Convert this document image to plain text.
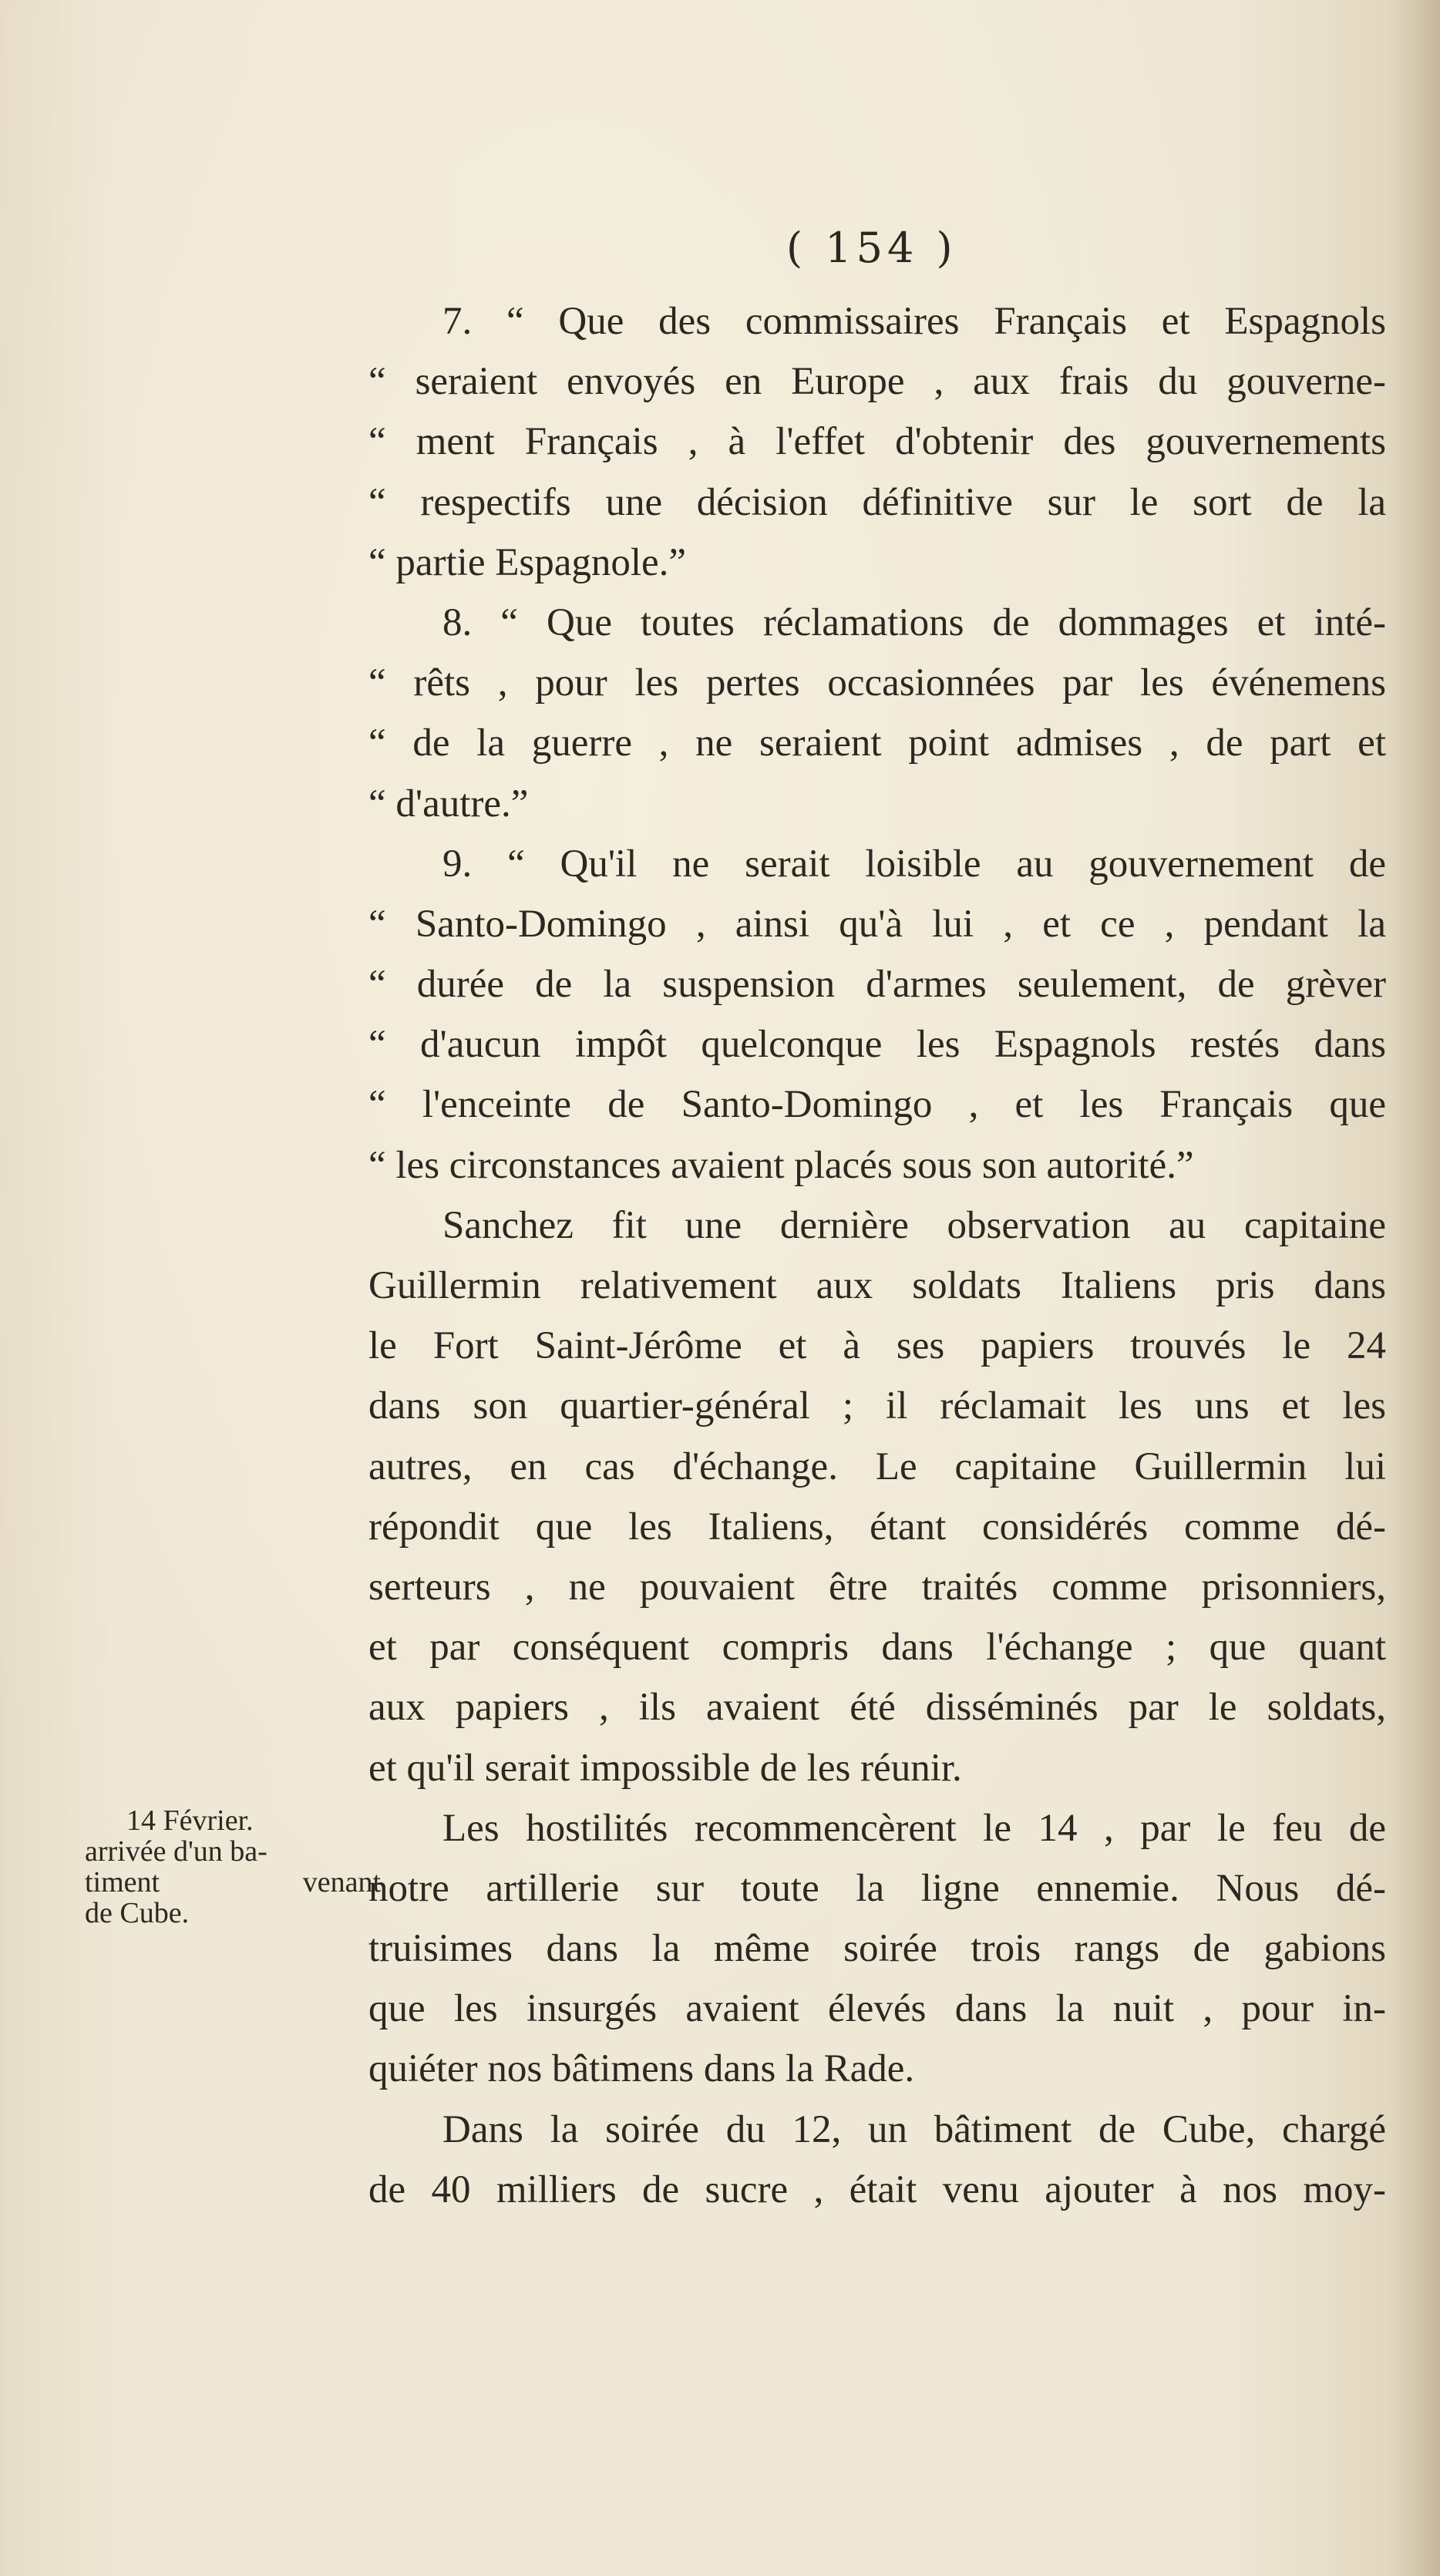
( 154 )
7. “ Que des commissaires Français et Espagnols
“ seraient envoyés en Europe , aux frais du gouverne-
“ ment Français , à l'effet d'obtenir des gouvernements
“ respectifs une décision définitive sur le sort de la
“ partie Espagnole.”
8. “ Que toutes réclamations de dommages et inté-
“ rêts , pour les pertes occasionnées par les événemens
“ de la guerre , ne seraient point admises , de part et
“ d'autre.”
9. “ Qu'il ne serait loisible au gouvernement de
“ Santo-Domingo , ainsi qu'à lui , et ce , pendant la
“ durée de la suspension d'armes seulement, de grèver
“ d'aucun impôt quelconque les Espagnols restés dans
“ l'enceinte de Santo-Domingo , et les Français que
“ les circonstances avaient placés sous son autorité.”
Sanchez fit une dernière observation au capitaine
Guillermin relativement aux soldats Italiens pris dans
le Fort Saint-Jérôme et à ses papiers trouvés le 24
dans son quartier-général ; il réclamait les uns et les
autres, en cas d'échange. Le capitaine Guillermin lui
répondit que les Italiens, étant considérés comme dé-
serteurs , ne pouvaient être traités comme prisonniers,
et par conséquent compris dans l'échange ; que quant
aux papiers , ils avaient été disséminés par le soldats,
et qu'il serait impossible de les réunir.
Les hostilités recommencèrent le 14 , par le feu de
notre artillerie sur toute la ligne ennemie. Nous dé-
truisimes dans la même soirée trois rangs de gabions
que les insurgés avaient élevés dans la nuit , pour in-
quiéter nos bâtimens dans la Rade.
Dans la soirée du 12, un bâtiment de Cube, chargé
de 40 milliers de sucre , était venu ajouter à nos moy-
14 Février.
arrivée d'un ba-
timent venant
de Cube.
